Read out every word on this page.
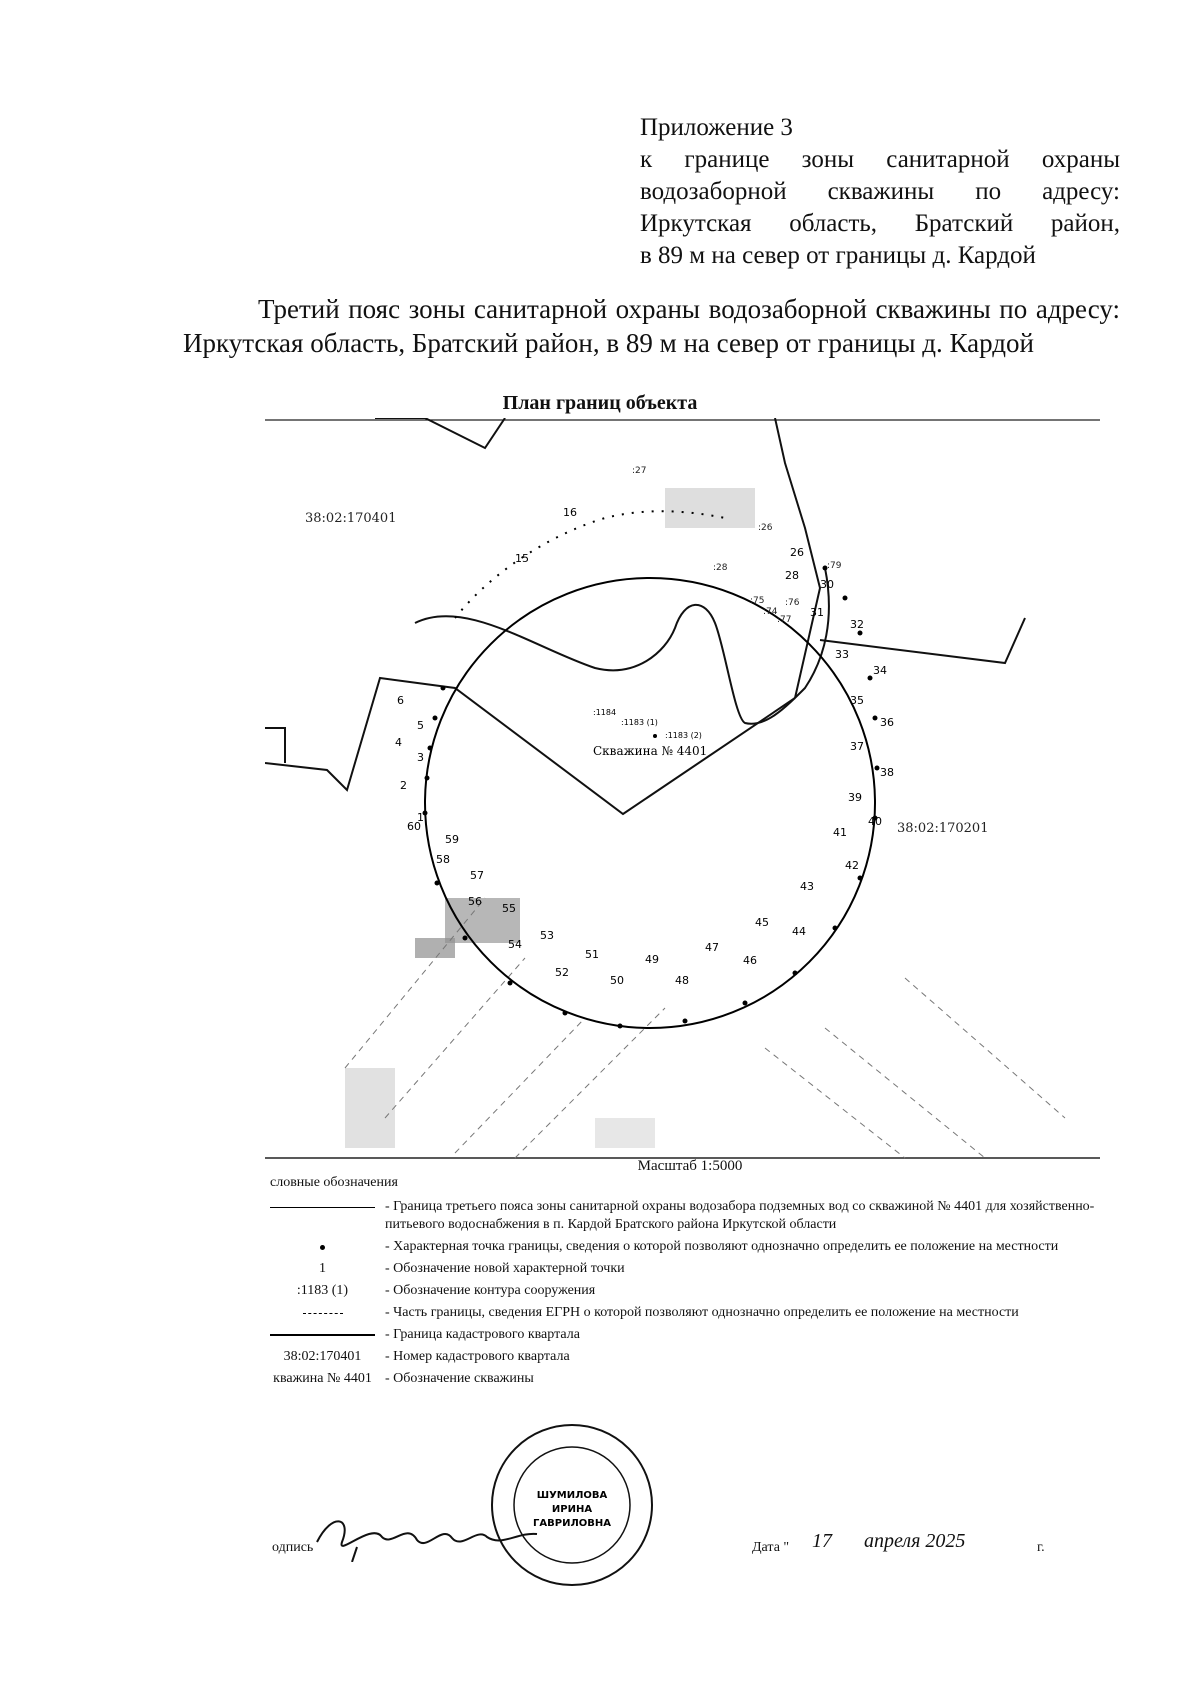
Приложение 3
к границе зоны санитарной охраны
водозаборной скважины по адресу:
Иркутская область, Братский район,
в 89 м на север от границы д. Кардой
Третий пояс зоны санитарной охраны водозаборной скважины по адресу: Иркутская область, Братский район, в 89 м на север от границы д. Кардой
План границ объекта
1
2
3
4
5
6
15
16
26
28
30
31
32
33
34
35
36
37
38
39
40
41
42
43
44
45
46
47
48
49
50
51
52
53
54
55
56
57
58
59
60
:1184
:1183 (1)
:1183 (2)
Скважина № 4401
:79
:28
:75
:74
:76
:77
:26
:27
38:02:170401
38:02:170201
Масштаб 1:5000
словные обозначения
- Граница третьего пояса зоны санитарной охраны водозабора подземных вод со скважиной № 4401 для хозяйственно-питьевого водоснабжения в п. Кардой Братского района Иркутской области
- Характерная точка границы, сведения о которой позволяют однозначно определить ее положение на местности
1	- Обозначение новой характерной точки
:1183 (1)	- Обозначение контура сооружения
- Часть границы, сведения ЕГРН о которой позволяют однозначно определить ее положение на местности
- Граница кадастрового квартала
38:02:170401	- Номер кадастрового квартала
кважина № 4401 - Обозначение скважины
одпись
ШУМИЛОВА
ИРИНА
ГАВРИЛОВНА
Дата " 17 апреля 2025	г.
